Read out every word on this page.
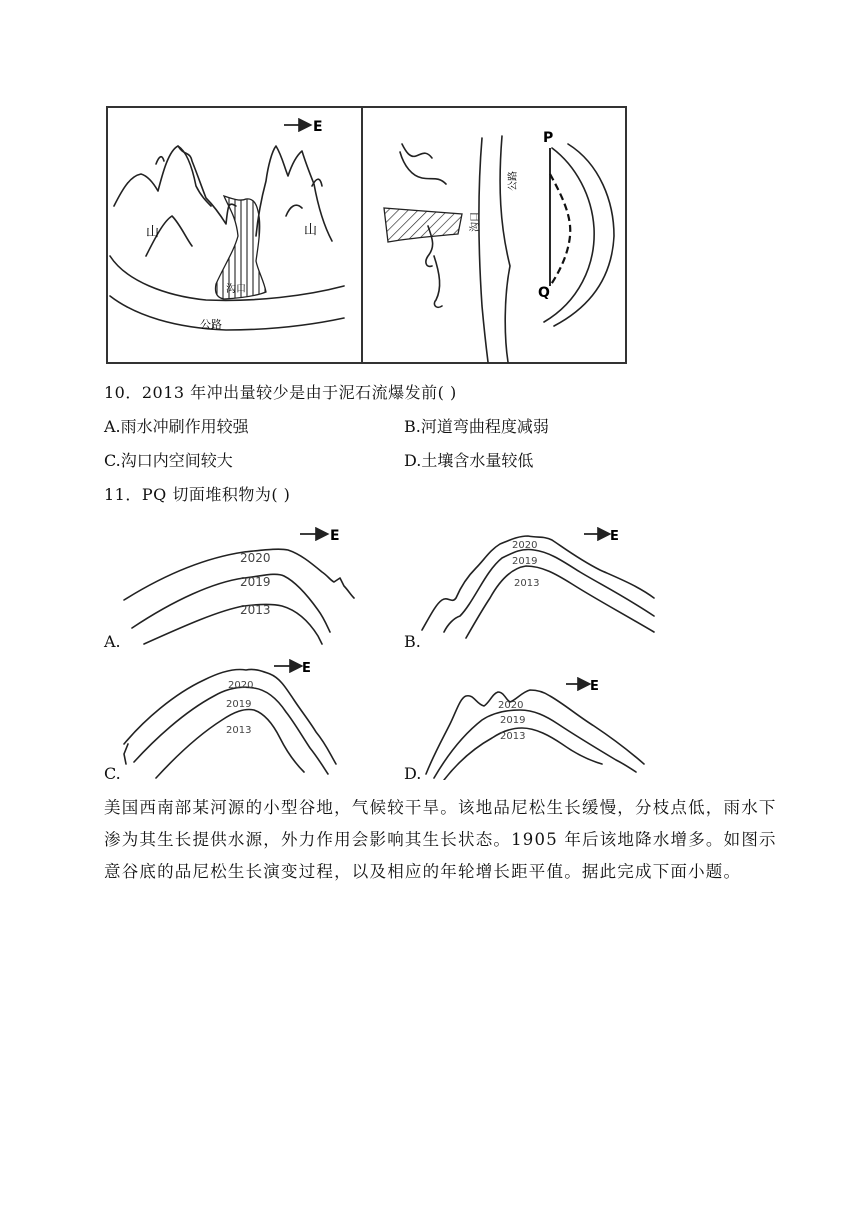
E
山	山
沟口
公路
沟口
公路
P
Q
10．2013 年冲出量较少是由于泥石流爆发前( )
A.雨水冲刷作用较强	B.河道弯曲程度减弱
C.沟口内空间较大	D.土壤含水量较低
11．PQ 切面堆积物为( )
E
2020
2019
2013
A.
E
2020
2019
2013
B.
E
2020
2019
2013
C.
E
2020
2019
2013
D.
美国西南部某河源的小型谷地，气候较干旱。该地品尼松生长缓慢，分枝点低，雨水下渗为其生长提供水源，外力作用会影响其生长状态。1905 年后该地降水增多。如图示意谷底的品尼松生长演变过程，以及相应的年轮增长距平值。据此完成下面小题。
